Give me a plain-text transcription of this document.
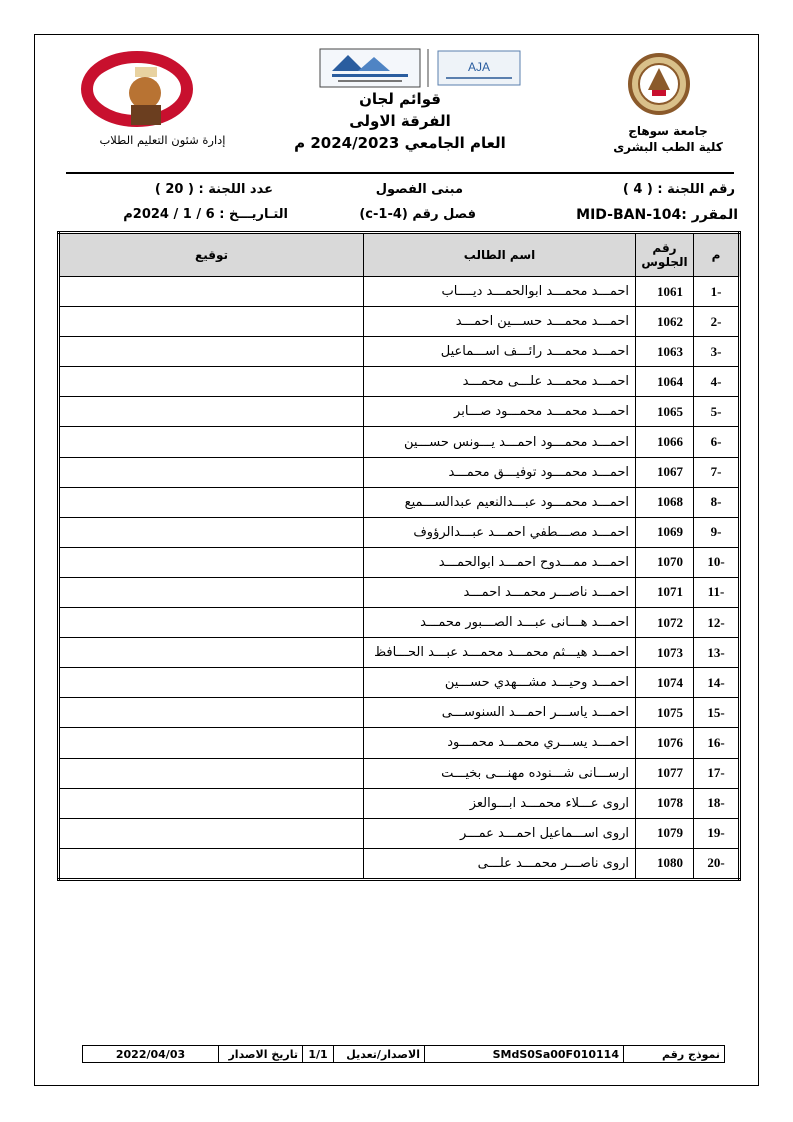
AJA
قوائم لجان
الفرقة الاولى
العام الجامعي 2024/2023 م
جامعة سوهاج
كلية الطب البشرى
إدارة شئون التعليم الطلاب
رقم اللجنة : ( 4 )
مبنى الفصول
عدد اللجنة : ( 20 )
المقرر :MID-BAN-104
فصل رقم (c-1-4)
التـاريـــخ : 6 / 1 / 2024م
م	رقم الجلوس	اسم الطالب	توقيع
-1	1061	احمـــد محمـــد ابوالحمـــد ديــــاب	
-2	1062	احمـــد محمـــد حســـين احمـــد	
-3	1063	احمـــد محمـــد رائـــف اســـماعيل	
-4	1064	احمـــد محمـــد علـــى محمـــد	
-5	1065	احمـــد محمـــد محمـــود صـــابر	
-6	1066	احمـــد محمـــود احمـــد يـــونس حســـين	
-7	1067	احمـــد محمـــود توفيـــق محمـــد	
-8	1068	احمـــد محمـــود عبـــدالنعيم عبدالســـميع	
-9	1069	احمـــد مصـــطفي احمـــد عبـــدالرؤوف	
-10	1070	احمـــد ممـــدوح احمـــد ابوالحمـــد	
-11	1071	احمـــد ناصـــر محمـــد احمـــد	
-12	1072	احمـــد هـــانى عبـــد الصـــبور محمـــد	
-13	1073	احمـــد هيـــثم محمـــد محمـــد عبـــد الحـــافظ	
-14	1074	احمـــد وحيـــد مشـــهدي حســـين	
-15	1075	احمـــد ياســـر احمـــد السنوســـى	
-16	1076	احمـــد يســـري محمـــد محمـــود	
-17	1077	ارســـانى شـــنوده مهنـــى بخيـــت	
-18	1078	اروى عـــلاء محمـــد ابـــوالعز	
-19	1079	اروى اســـماعيل احمـــد عمـــر	
-20	1080	اروى ناصـــر محمـــد علـــى	
نموذج رقم	SMdS0Sa00F010114	الاصدار/تعديل	1/1	تاريخ الاصدار	2022/04/03
